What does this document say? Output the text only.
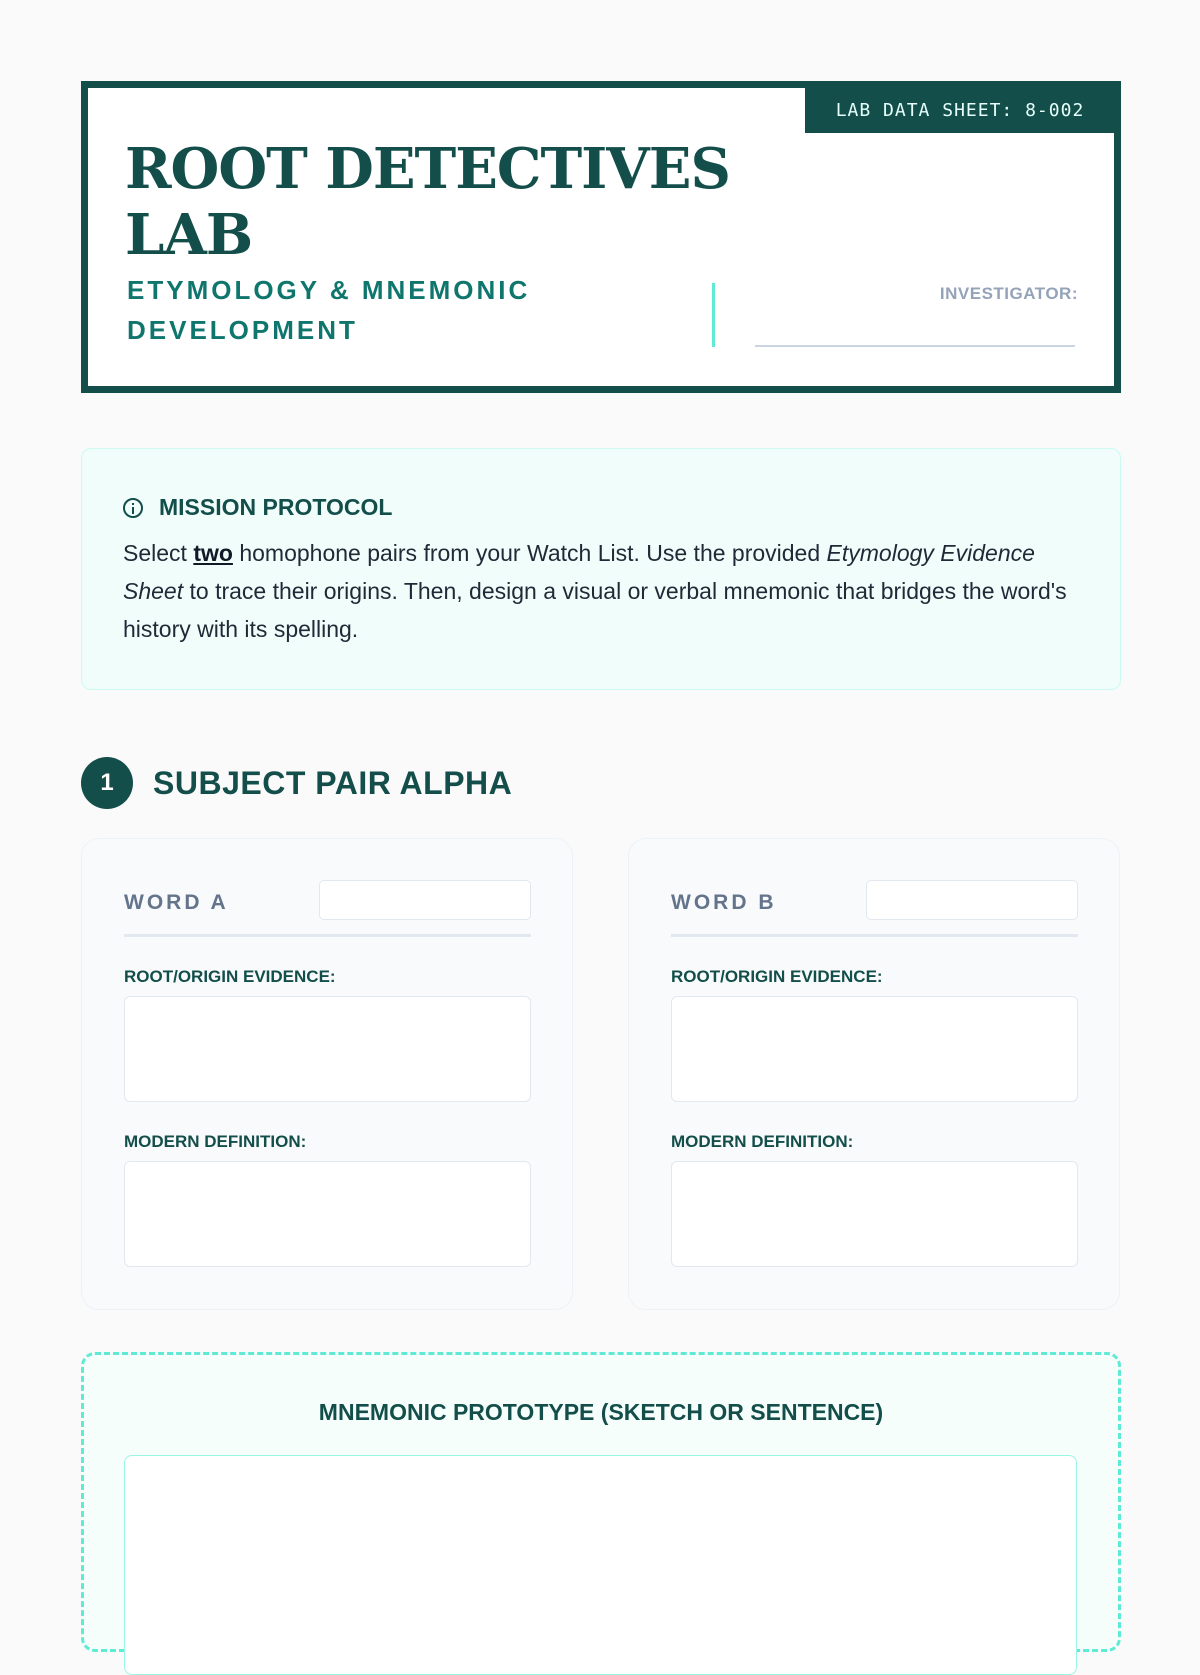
LAB DATA SHEET: 8-002
ROOT DETECTIVES LAB
ETYMOLOGY & MNEMONIC DEVELOPMENT
INVESTIGATOR:
MISSION PROTOCOL
Select two homophone pairs from your Watch List. Use the provided Etymology Evidence Sheet to trace their origins. Then, design a visual or verbal mnemonic that bridges the word's history with its spelling.
1	SUBJECT PAIR ALPHA
WORD A
ROOT/ORIGIN EVIDENCE:
MODERN DEFINITION:
WORD B
ROOT/ORIGIN EVIDENCE:
MODERN DEFINITION:
MNEMONIC PROTOTYPE (SKETCH OR SENTENCE)
